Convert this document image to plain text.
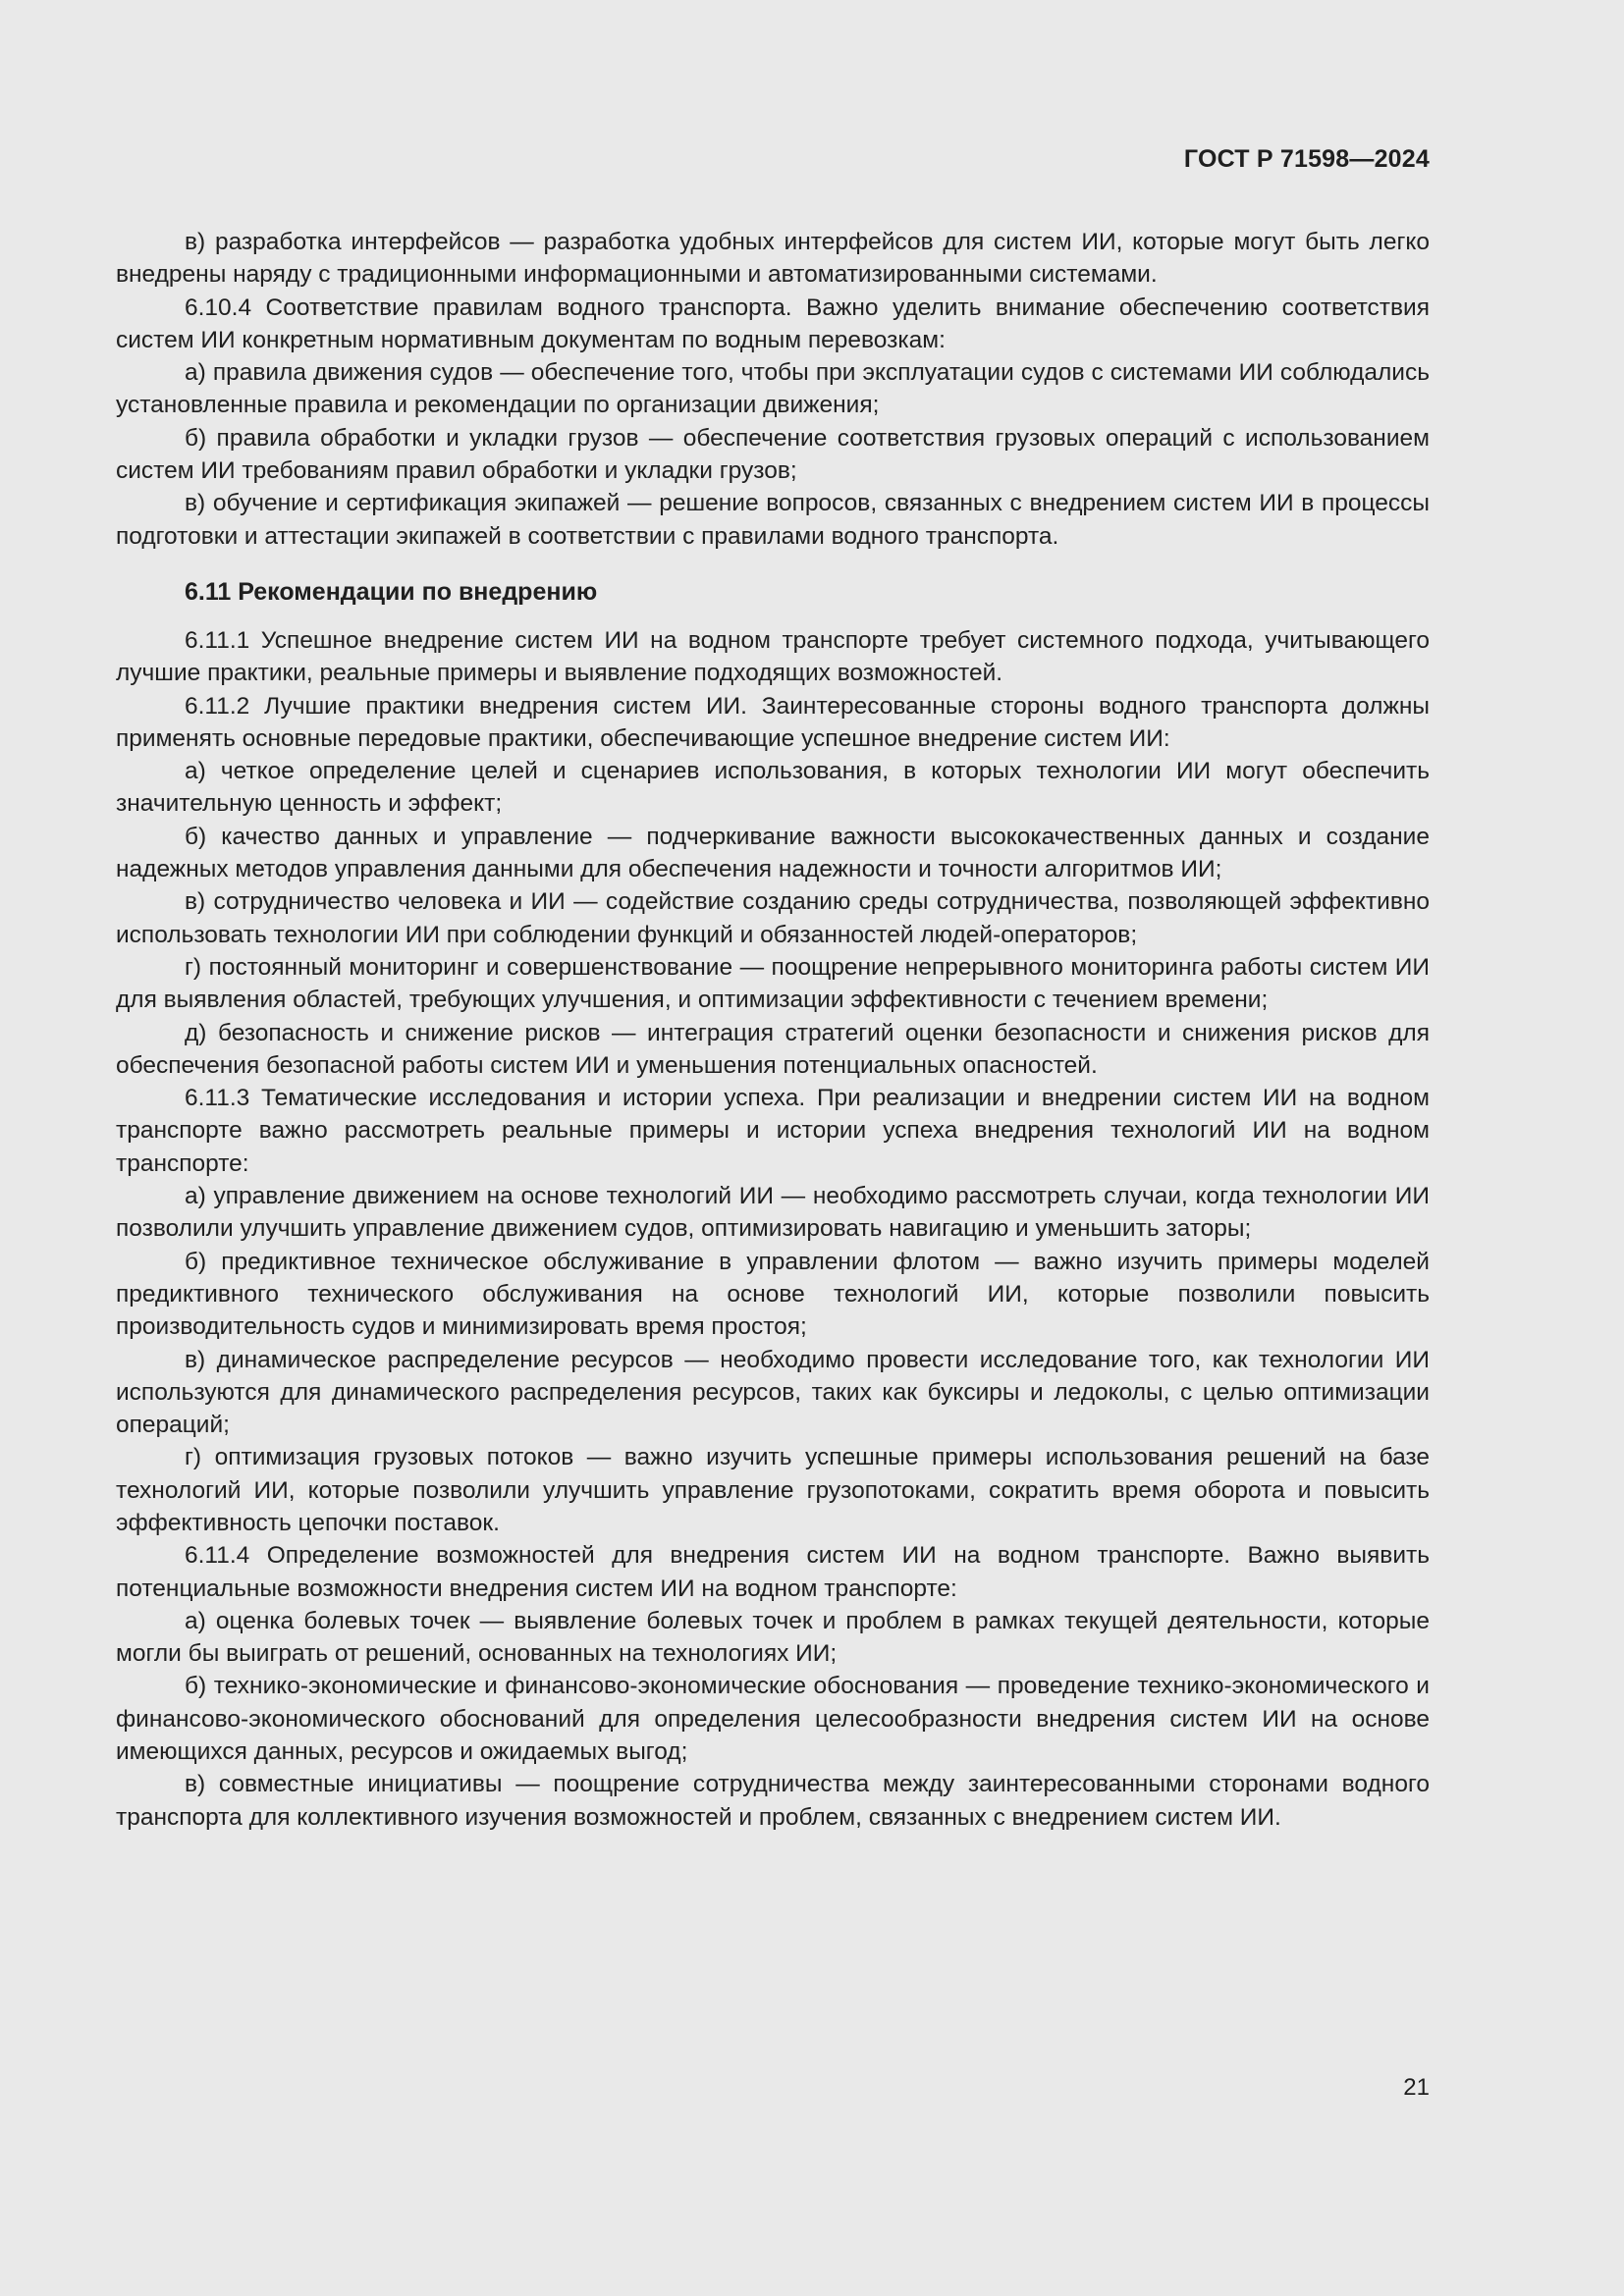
ГОСТ Р 71598—2024

в) разработка интерфейсов — разработка удобных интерфейсов для систем ИИ, которые могут быть легко внедрены наряду с традиционными информационными и автоматизированными системами.

6.10.4 Соответствие правилам водного транспорта. Важно уделить внимание обеспечению соответствия систем ИИ конкретным нормативным документам по водным перевозкам:

а) правила движения судов — обеспечение того, чтобы при эксплуатации судов с системами ИИ соблюдались установленные правила и рекомендации по организации движения;

б) правила обработки и укладки грузов — обеспечение соответствия грузовых операций с использованием систем ИИ требованиям правил обработки и укладки грузов;

в) обучение и сертификация экипажей — решение вопросов, связанных с внедрением систем ИИ в процессы подготовки и аттестации экипажей в соответствии с правилами водного транспорта.

6.11 Рекомендации по внедрению

6.11.1 Успешное внедрение систем ИИ на водном транспорте требует системного подхода, учитывающего лучшие практики, реальные примеры и выявление подходящих возможностей.

6.11.2 Лучшие практики внедрения систем ИИ. Заинтересованные стороны водного транспорта должны применять основные передовые практики, обеспечивающие успешное внедрение систем ИИ:

а) четкое определение целей и сценариев использования, в которых технологии ИИ могут обеспечить значительную ценность и эффект;

б) качество данных и управление — подчеркивание важности высококачественных данных и создание надежных методов управления данными для обеспечения надежности и точности алгоритмов ИИ;

в) сотрудничество человека и ИИ — содействие созданию среды сотрудничества, позволяющей эффективно использовать технологии ИИ при соблюдении функций и обязанностей людей-операторов;

г) постоянный мониторинг и совершенствование — поощрение непрерывного мониторинга работы систем ИИ для выявления областей, требующих улучшения, и оптимизации эффективности с течением времени;

д) безопасность и снижение рисков — интеграция стратегий оценки безопасности и снижения рисков для обеспечения безопасной работы систем ИИ и уменьшения потенциальных опасностей.

6.11.3 Тематические исследования и истории успеха. При реализации и внедрении систем ИИ на водном транспорте важно рассмотреть реальные примеры и истории успеха внедрения технологий ИИ на водном транспорте:

а) управление движением на основе технологий ИИ — необходимо рассмотреть случаи, когда технологии ИИ позволили улучшить управление движением судов, оптимизировать навигацию и уменьшить заторы;

б) предиктивное техническое обслуживание в управлении флотом — важно изучить примеры моделей предиктивного технического обслуживания на основе технологий ИИ, которые позволили повысить производительность судов и минимизировать время простоя;

в) динамическое распределение ресурсов — необходимо провести исследование того, как технологии ИИ используются для динамического распределения ресурсов, таких как буксиры и ледоколы, с целью оптимизации операций;

г) оптимизация грузовых потоков — важно изучить успешные примеры использования решений на базе технологий ИИ, которые позволили улучшить управление грузопотоками, сократить время оборота и повысить эффективность цепочки поставок.

6.11.4 Определение возможностей для внедрения систем ИИ на водном транспорте. Важно выявить потенциальные возможности внедрения систем ИИ на водном транспорте:

а) оценка болевых точек — выявление болевых точек и проблем в рамках текущей деятельности, которые могли бы выиграть от решений, основанных на технологиях ИИ;

б) технико-экономические и финансово-экономические обоснования — проведение технико-экономического и финансово-экономического обоснований для определения целесообразности внедрения систем ИИ на основе имеющихся данных, ресурсов и ожидаемых выгод;

в) совместные инициативы — поощрение сотрудничества между заинтересованными сторонами водного транспорта для коллективного изучения возможностей и проблем, связанных с внедрением систем ИИ.

21
